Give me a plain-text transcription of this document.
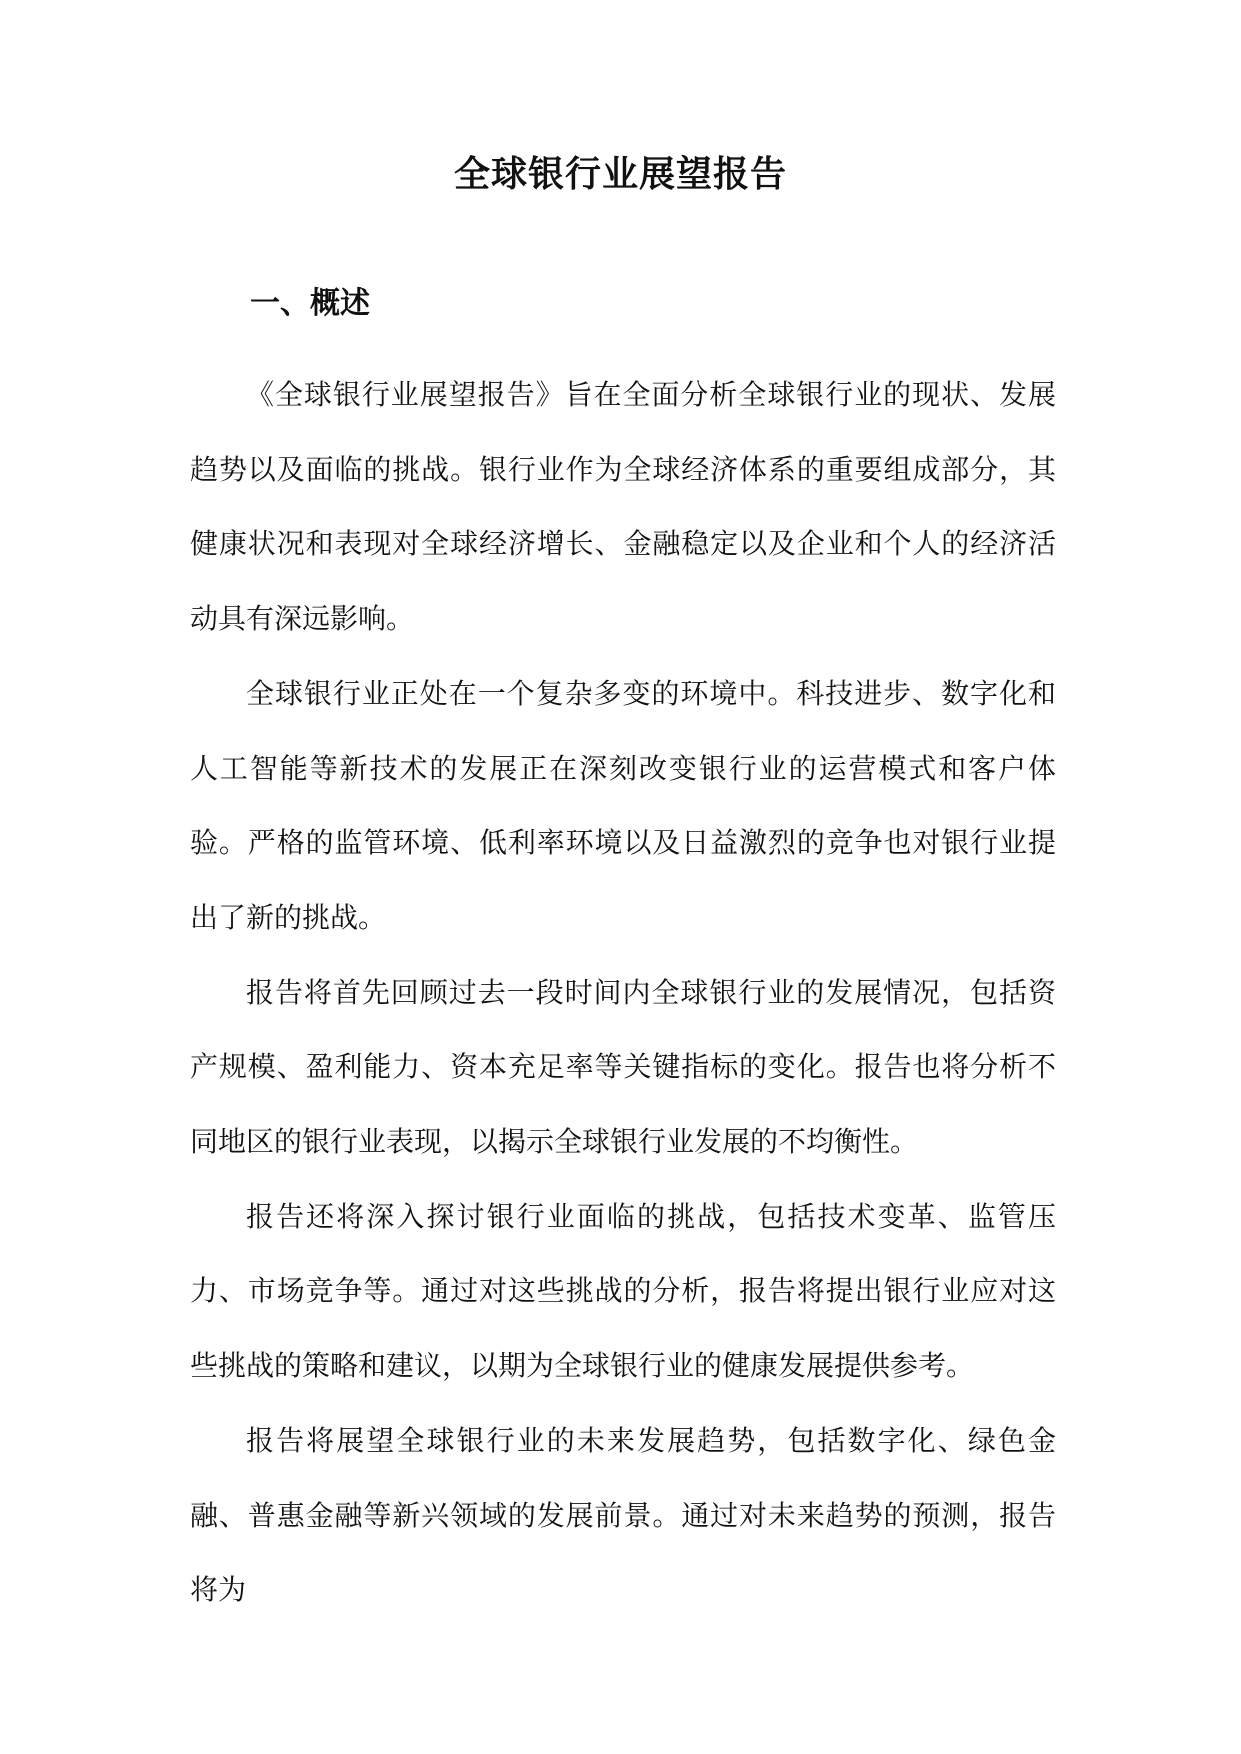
全球银行业展望报告
一、概述

《全球银行业展望报告》旨在全面分析全球银行业的现状、发展趋势以及面临的挑战。银行业作为全球经济体系的重要组成部分，其健康状况和表现对全球经济增长、金融稳定以及企业和个人的经济活动具有深远影响。

全球银行业正处在一个复杂多变的环境中。科技进步、数字化和人工智能等新技术的发展正在深刻改变银行业的运营模式和客户体验。严格的监管环境、低利率环境以及日益激烈的竞争也对银行业提出了新的挑战。

报告将首先回顾过去一段时间内全球银行业的发展情况，包括资产规模、盈利能力、资本充足率等关键指标的变化。报告也将分析不同地区的银行业表现，以揭示全球银行业发展的不均衡性。

报告还将深入探讨银行业面临的挑战，包括技术变革、监管压力、市场竞争等。通过对这些挑战的分析，报告将提出银行业应对这些挑战的策略和建议，以期为全球银行业的健康发展提供参考。

报告将展望全球银行业的未来发展趋势，包括数字化、绿色金融、普惠金融等新兴领域的发展前景。通过对未来趋势的预测，报告将为
